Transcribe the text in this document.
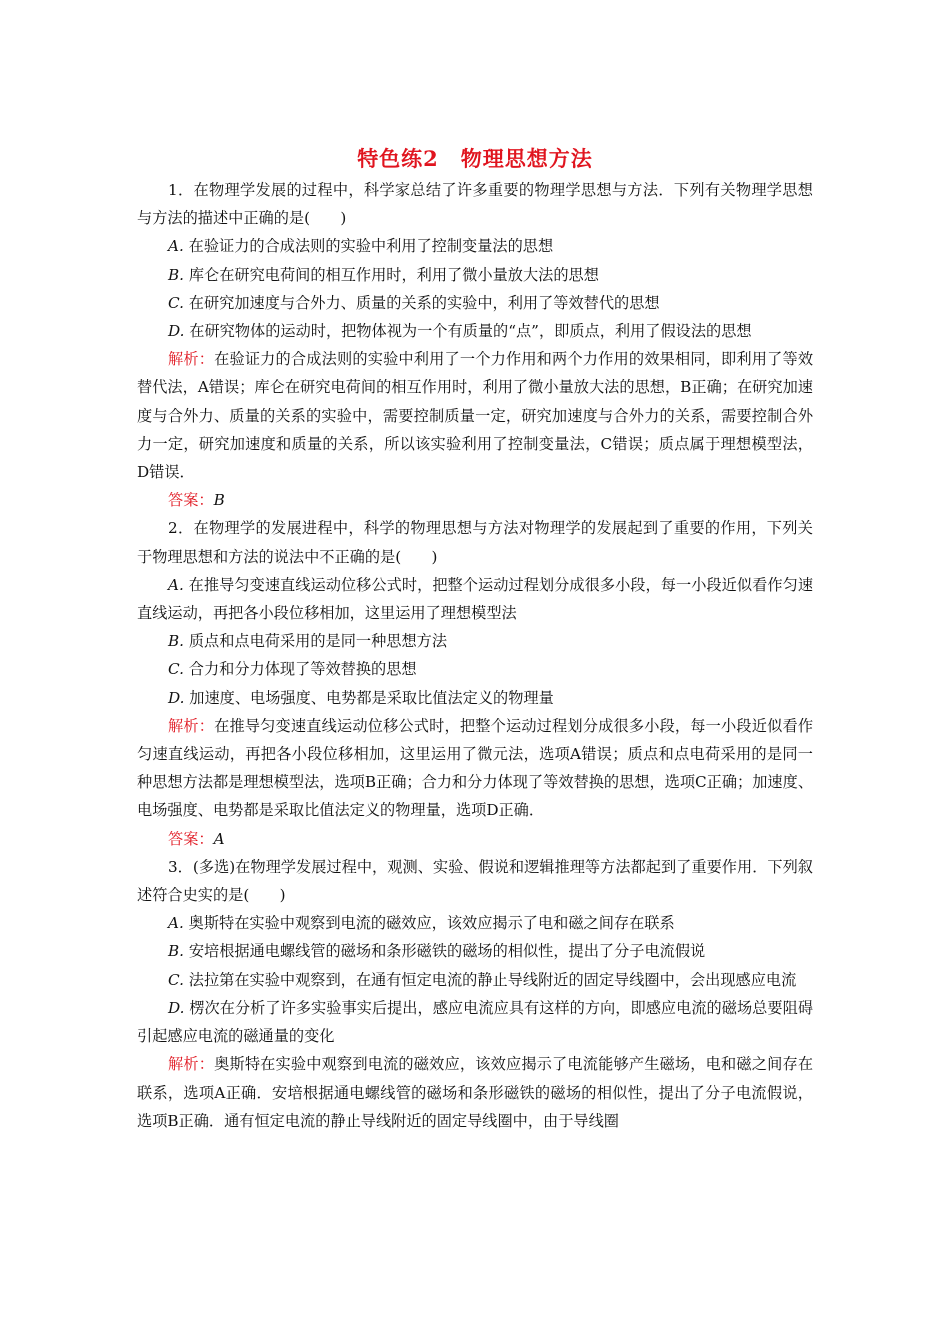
特色练2　物理思想方法

1．在物理学发展的过程中，科学家总结了许多重要的物理学思想与方法．下列有关物理学思想与方法的描述中正确的是(　　)

A. 在验证力的合成法则的实验中利用了控制变量法的思想

B. 库仑在研究电荷间的相互作用时，利用了微小量放大法的思想

C. 在研究加速度与合外力、质量的关系的实验中，利用了等效替代的思想

D. 在研究物体的运动时，把物体视为一个有质量的“点”，即质点，利用了假设法的思想

解析：在验证力的合成法则的实验中利用了一个力作用和两个力作用的效果相同，即利用了等效替代法，A错误；库仑在研究电荷间的相互作用时，利用了微小量放大法的思想，B正确；在研究加速度与合外力、质量的关系的实验中，需要控制质量一定，研究加速度与合外力的关系，需要控制合外力一定，研究加速度和质量的关系，所以该实验利用了控制变量法，C错误；质点属于理想模型法，D错误．

答案：B

2．在物理学的发展进程中，科学的物理思想与方法对物理学的发展起到了重要的作用，下列关于物理思想和方法的说法中不正确的是(　　)

A. 在推导匀变速直线运动位移公式时，把整个运动过程划分成很多小段，每一小段近似看作匀速直线运动，再把各小段位移相加，这里运用了理想模型法

B. 质点和点电荷采用的是同一种思想方法

C. 合力和分力体现了等效替换的思想

D. 加速度、电场强度、电势都是采取比值法定义的物理量

解析：在推导匀变速直线运动位移公式时，把整个运动过程划分成很多小段，每一小段近似看作匀速直线运动，再把各小段位移相加，这里运用了微元法，选项A错误；质点和点电荷采用的是同一种思想方法都是理想模型法，选项B正确；合力和分力体现了等效替换的思想，选项C正确；加速度、电场强度、电势都是采取比值法定义的物理量，选项D正确．

答案：A

3．(多选)在物理学发展过程中，观测、实验、假说和逻辑推理等方法都起到了重要作用．下列叙述符合史实的是(　　)

A. 奥斯特在实验中观察到电流的磁效应，该效应揭示了电和磁之间存在联系

B. 安培根据通电螺线管的磁场和条形磁铁的磁场的相似性，提出了分子电流假说

C. 法拉第在实验中观察到，在通有恒定电流的静止导线附近的固定导线圈中，会出现感应电流

D. 楞次在分析了许多实验事实后提出，感应电流应具有这样的方向，即感应电流的磁场总要阻碍引起感应电流的磁通量的变化

解析：奥斯特在实验中观察到电流的磁效应，该效应揭示了电流能够产生磁场，电和磁之间存在联系，选项A正确．安培根据通电螺线管的磁场和条形磁铁的磁场的相似性，提出了分子电流假说，选项B正确．通有恒定电流的静止导线附近的固定导线圈中，由于导线圈
